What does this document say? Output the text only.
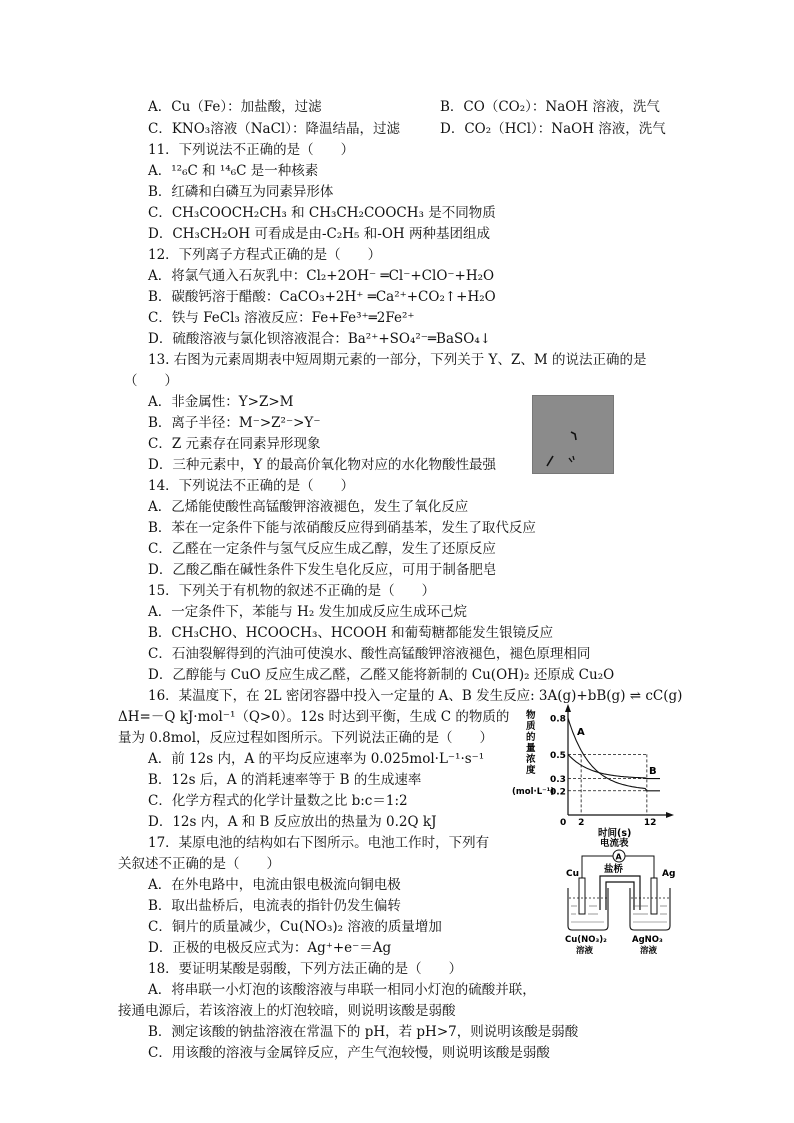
A．Cu（Fe）：加盐酸，过滤	B．CO（CO₂）：NaOH 溶液，洗气
C．KNO₃溶液（NaCl）：降温结晶，过滤	D．CO₂（HCl）：NaOH 溶液，洗气
11．下列说法不正确的是（　　）
A．¹²₆C 和 ¹⁴₆C 是一种核素
B．红磷和白磷互为同素异形体
C．CH₃COOCH₂CH₃ 和 CH₃CH₂COOCH₃ 是不同物质
D．CH₃CH₂OH 可看成是由-C₂H₅ 和-OH 两种基团组成
12．下列离子方程式正确的是（　　）
A．将氯气通入石灰乳中：Cl₂+2OH⁻ ═Cl⁻+ClO⁻+H₂O
B．碳酸钙溶于醋酸：CaCO₃+2H⁺ ═Ca²⁺+CO₂↑+H₂O
C．铁与 FeCl₃ 溶液反应：Fe+Fe³⁺═2Fe²⁺
D．硫酸溶液与氯化钡溶液混合：Ba²⁺+SO₄²⁻═BaSO₄↓
13. 右图为元素周期表中短周期元素的一部分，下列关于 Y、Z、M 的说法正确的是
（　　）
A．非金属性：Y>Z>M
B．离子半径：M⁻>Z²⁻>Y⁻
C．Z 元素存在同素异形现象
D．三种元素中，Y 的最高价氧化物对应的水化物酸性最强
14．下列说法不正确的是（　　）
A．乙烯能使酸性高锰酸钾溶液褪色，发生了氧化反应
B．苯在一定条件下能与浓硝酸反应得到硝基苯，发生了取代反应
C．乙醛在一定条件与氢气反应生成乙醇，发生了还原反应
D．乙酸乙酯在碱性条件下发生皂化反应，可用于制备肥皂
15．下列关于有机物的叙述不正确的是（　　）
A．一定条件下，苯能与 H₂ 发生加成反应生成环己烷
B．CH₃CHO、HCOOCH₃、HCOOH 和葡萄糖都能发生银镜反应
C．石油裂解得到的汽油可使溴水、酸性高锰酸钾溶液褪色，褪色原理相同
D．乙醇能与 CuO 反应生成乙醛，乙醛又能将新制的 Cu(OH)₂ 还原成 Cu₂O
16．某温度下，在 2L 密闭容器中投入一定量的 A、B 发生反应: 3A(g)+bB(g) ⇌ cC(g)
ΔH=－Q kJ·mol⁻¹（Q>0）。12s 时达到平衡，生成 C 的物质的
量为 0.8mol，反应过程如图所示。下列说法正确的是（　　）
A．前 12s 内，A 的平均反应速率为 0.025mol·L⁻¹·s⁻¹
B．12s 后，A 的消耗速率等于 B 的生成速率
C．化学方程式的化学计量数之比 b:c＝1:2
D．12s 内，A 和 B 反应放出的热量为 0.2Q kJ
17．某原电池的结构如右下图所示。电池工作时，下列有
关叙述不正确的是（　　）
A．在外电路中，电流由银电极流向铜电极
B．取出盐桥后，电流表的指针仍发生偏转
C．铜片的质量减少，Cu(NO₃)₂ 溶液的质量增加
D．正极的电极反应式为：Ag⁺+e⁻＝Ag
18．要证明某酸是弱酸，下列方法正确的是（　　）
A．将串联一小灯泡的该酸溶液与串联一相同小灯泡的硫酸并联，
接通电源后，若该溶液上的灯泡较暗，则说明该酸是弱酸
B．测定该酸的钠盐溶液在常温下的 pH，若 pH>7，则说明该酸是弱酸
C．用该酸的溶液与金属锌反应，产生气泡较慢，则说明该酸是弱酸
0.8
0.5
0.3
0.2
0 2	12
A
B
物质的量浓度
(mol·L⁻¹)
时间(s)
电流表
A
盐桥
Cu	Ag
Cu(NO₃)₂
溶液
AgNO₃
溶液
